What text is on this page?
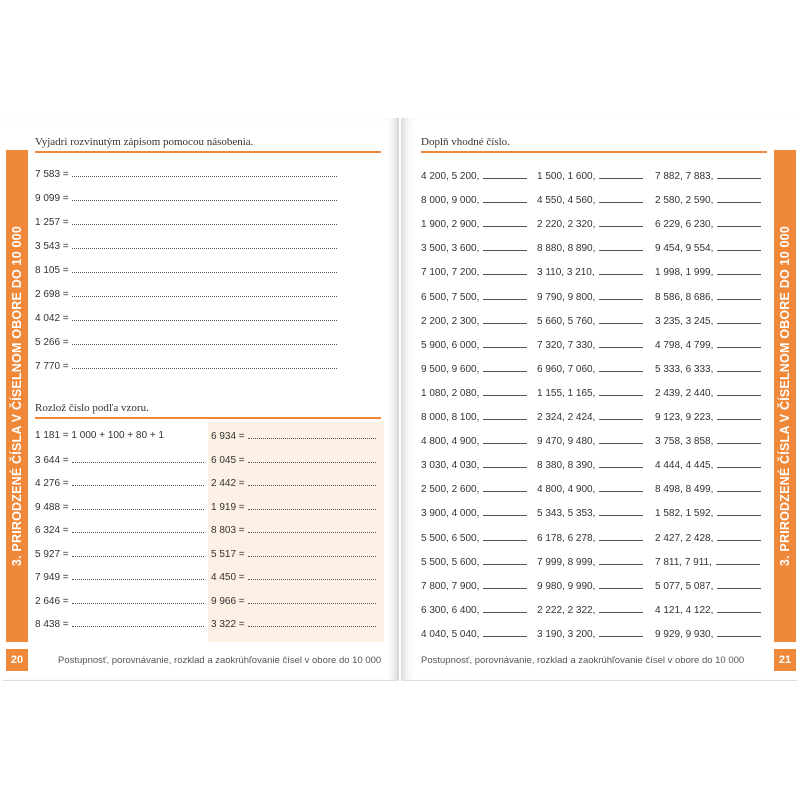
3. PRIRODZENÉ ČÍSLA V ČÍSELNOM OBORE DO 10 000
Vyjadri rozvinutým zápisom pomocou násobenia.
7 583 =
9 099 =
1 257 =
3 543 =
8 105 =
2 698 =
4 042 =
5 266 =
7 770 =
Rozlož číslo podľa vzoru.
1 181 = 1 000 + 100 + 80 + 1
3 644 =
4 276 =
9 488 =
6 324 =
5 927 =
7 949 =
2 646 =
8 438 =
6 934 =
6 045 =
2 442 =
1 919 =
8 803 =
5 517 =
4 450 =
9 966 =
3 322 =
20	Postupnosť, porovnávanie, rozklad a zaokrúhľovanie čísel v obore do 10 000
Doplň vhodné číslo.
4 200, 5 200,
8 000, 9 000,
1 900, 2 900,
3 500, 3 600,
7 100, 7 200,
6 500, 7 500,
2 200, 2 300,
5 900, 6 000,
9 500, 9 600,
1 080, 2 080,
8 000, 8 100,
4 800, 4 900,
3 030, 4 030,
2 500, 2 600,
3 900, 4 000,
5 500, 6 500,
5 500, 5 600,
7 800, 7 900,
6 300, 6 400,
4 040, 5 040,
1 500, 1 600,
4 550, 4 560,
2 220, 2 320,
8 880, 8 890,
3 110, 3 210,
9 790, 9 800,
5 660, 5 760,
7 320, 7 330,
6 960, 7 060,
1 155, 1 165,
2 324, 2 424,
9 470, 9 480,
8 380, 8 390,
4 800, 4 900,
5 343, 5 353,
6 178, 6 278,
7 999, 8 999,
9 980, 9 990,
2 222, 2 322,
3 190, 3 200,
7 882, 7 883,
2 580, 2 590,
6 229, 6 230,
9 454, 9 554,
1 998, 1 999,
8 586, 8 686,
3 235, 3 245,
4 798, 4 799,
5 333, 6 333,
2 439, 2 440,
9 123, 9 223,
3 758, 3 858,
4 444, 4 445,
8 498, 8 499,
1 582, 1 592,
2 427, 2 428,
7 811, 7 911,
5 077, 5 087,
4 121, 4 122,
9 929, 9 930,
3. PRIRODZENÉ ČÍSLA V ČÍSELNOM OBORE DO 10 000
21
Postupnosť, porovnávanie, rozklad a zaokrúhľovanie čísel v obore do 10 000
